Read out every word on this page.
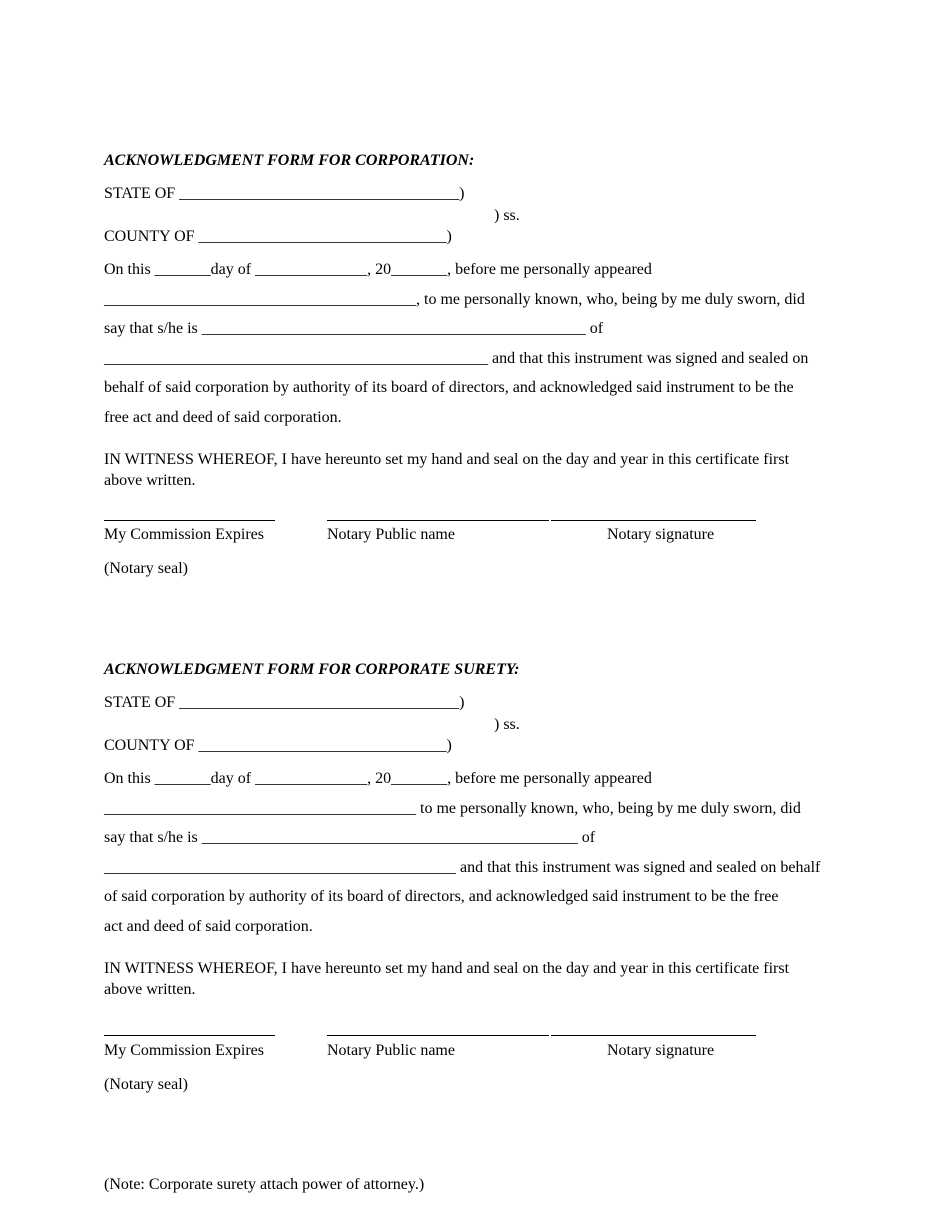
ACKNOWLEDGMENT FORM FOR CORPORATION:
STATE OF ___________________________________)
) ss.
COUNTY OF _______________________________)
On this _______day of ______________, 20_______, before me personally appeared
_______________________________________, to me personally known, who, being by me duly sworn, did
say that s/he is ________________________________________________ of
________________________________________________ and that this instrument was signed and sealed on
behalf of said corporation by authority of its board of directors, and acknowledged said instrument to be the
free act and deed of said corporation.
IN WITNESS WHEREOF, I have hereunto set my hand and seal on the day and year in this certificate first
above written.
My Commission Expires	Notary Public name	Notary signature
(Notary seal)
ACKNOWLEDGMENT FORM FOR CORPORATE SURETY:
STATE OF ___________________________________)
) ss.
COUNTY OF _______________________________)
On this _______day of ______________, 20_______, before me personally appeared
_______________________________________ to me personally known, who, being by me duly sworn, did
say that s/he is _______________________________________________ of
____________________________________________ and that this instrument was signed and sealed on behalf
of said corporation by authority of its board of directors, and acknowledged said instrument to be the free
act and deed of said corporation.
IN WITNESS WHEREOF, I have hereunto set my hand and seal on the day and year in this certificate first
above written.
My Commission Expires	Notary Public name	Notary signature
(Notary seal)
(Note: Corporate surety attach power of attorney.)
